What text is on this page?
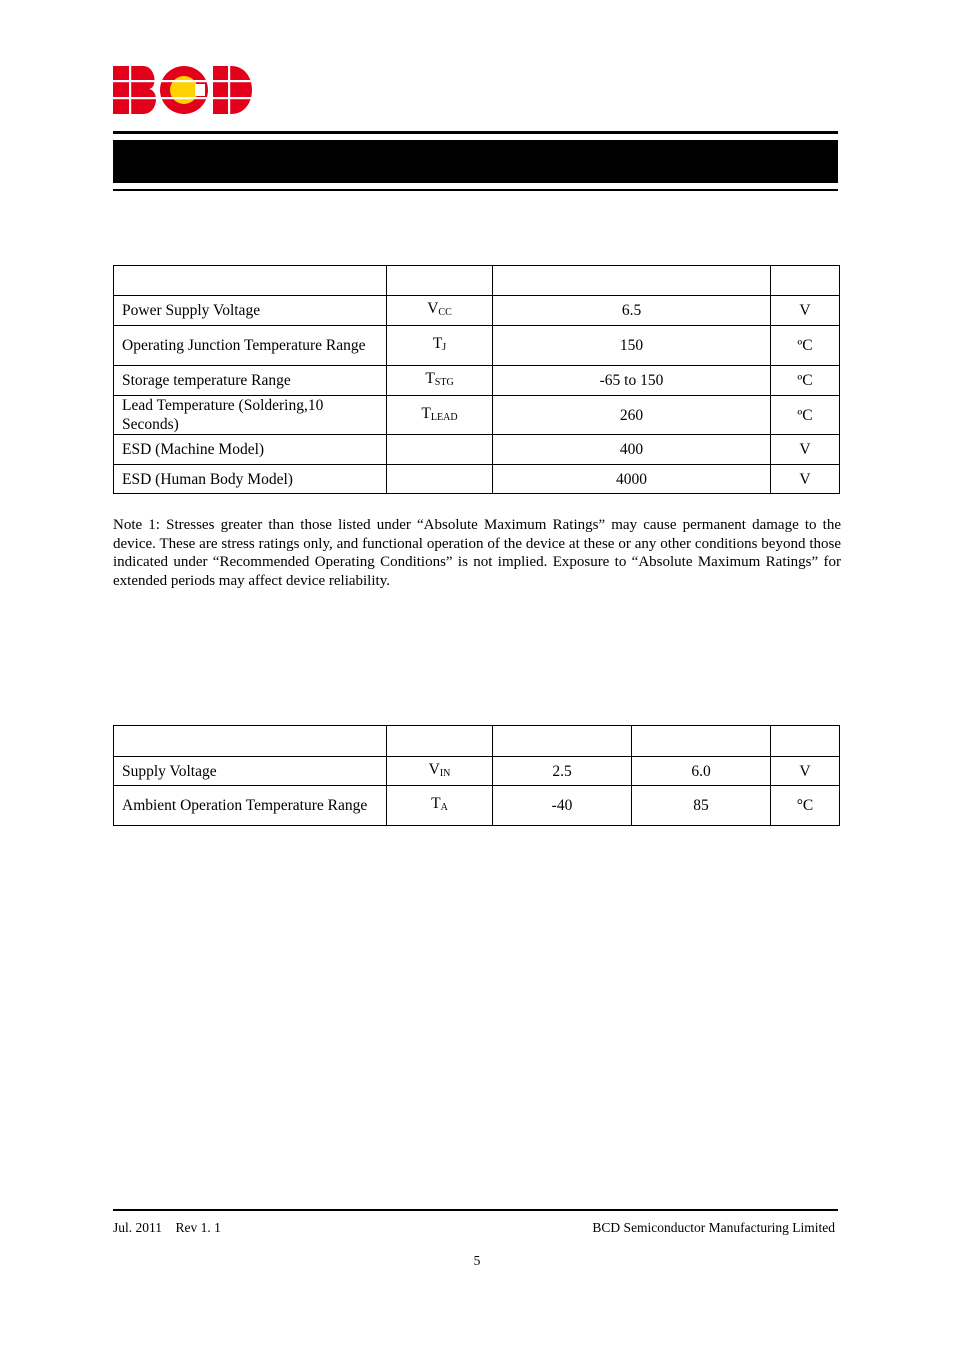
Power Supply Voltage	$V_{CC}$	6.5	V
Operating Junction Temperature Range	$T_J$	150	ºC
Storage temperature Range	$T_{STG}$	-65 to 150	ºC
Lead Temperature (Soldering,10 Seconds)	$T_{LEAD}$	260	ºC
ESD (Machine Model)		400	V
ESD (Human Body Model)		4000	V

Note 1: Stresses greater than those listed under “Absolute Maximum Ratings” may cause permanent damage to the device. These are stress ratings only, and functional operation of the device at these or any other conditions beyond those indicated under “Recommended Operating Conditions” is not implied. Exposure to “Absolute Maximum Ratings” for extended periods may affect device reliability.

Supply Voltage	$V_{IN}$	2.5	6.0	V
Ambient Operation Temperature Range	$T_A$	-40	85	°C
Jul. 2011 Rev 1. 1	BCD Semiconductor Manufacturing Limited
5
